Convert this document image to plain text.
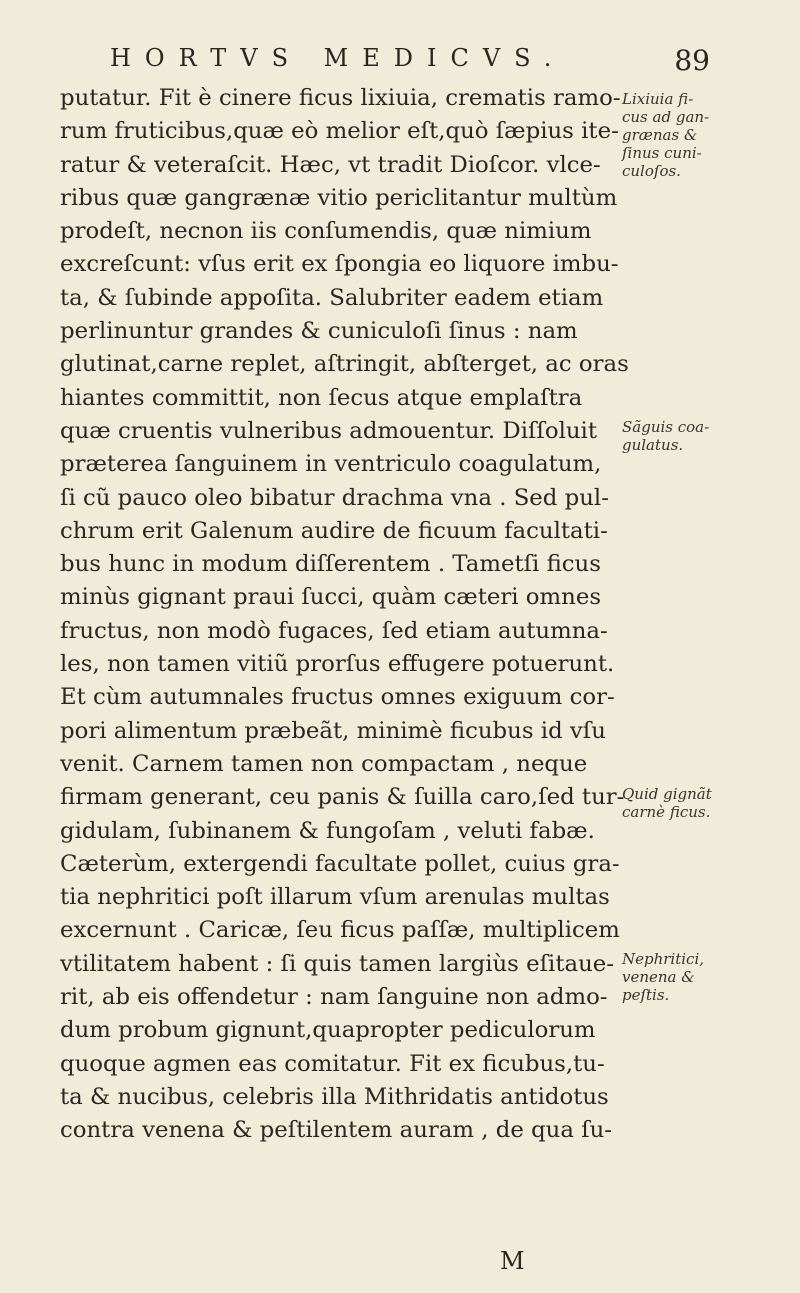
HORTVS MEDICVS.	89
putatur. Fit è cinere ficus lixiuia, crematis ramo-
rum fruticibus,quæ eò melior eſt,quò ſæpius ite-
ratur & veteraſcit. Hæc, vt tradit Dioſcor. vlce-
ribus quæ gangrænæ vitio periclitantur multùm
prodeſt, necnon iis conſumendis, quæ nimium
excreſcunt: vſus erit ex ſpongia eo liquore imbu-
ta, & ſubinde appoſita. Salubriter eadem etiam
perlinuntur grandes & cuniculoſi ſinus : nam
glutinat,carne replet, aſtringit, abſterget, ac oras
hiantes committit, non ſecus atque emplaſtra
quæ cruentis vulneribus admouentur. Diſſoluit
præterea ſanguinem in ventriculo coagulatum,
ſi cũ pauco oleo bibatur drachma vna . Sed pul-
chrum erit Galenum audire de ficuum facultati-
bus hunc in modum diſſerentem . Tametſi ficus
minùs gignant praui ſucci, quàm cæteri omnes
fructus, non modò fugaces, ſed etiam autumna-
les, non tamen vitiũ prorſus effugere potuerunt.
Et cùm autumnales fructus omnes exiguum cor-
pori alimentum præbeãt, minimè ficubus id vſu
venit. Carnem tamen non compactam , neque
firmam generant, ceu panis & ſuilla caro,ſed tur-
gidulam, ſubinanem & fungoſam , veluti fabæ.
Cæterùm, extergendi facultate pollet, cuius gra-
tia nephritici poſt illarum vſum arenulas multas
excernunt . Caricæ, ſeu ficus paſſæ, multiplicem
vtilitatem habent : ſi quis tamen largiùs eſitaue-
rit, ab eis offendetur : nam ſanguine non admo-
dum probum gignunt,quapropter pediculorum
quoque agmen eas comitatur. Fit ex ficubus,tu-
ta & nucibus, celebris illa Mithridatis antidotus
contra venena & peſtilentem auram , de qua ſu-
Lixiuia fi-
cus ad gan-
grænas &
ſinus cuni-
culoſos.
Sãguis coa-
gulatus.
Quid gignãt
carnè ficus.
Nephritici,
venena &
peſtis.
M
